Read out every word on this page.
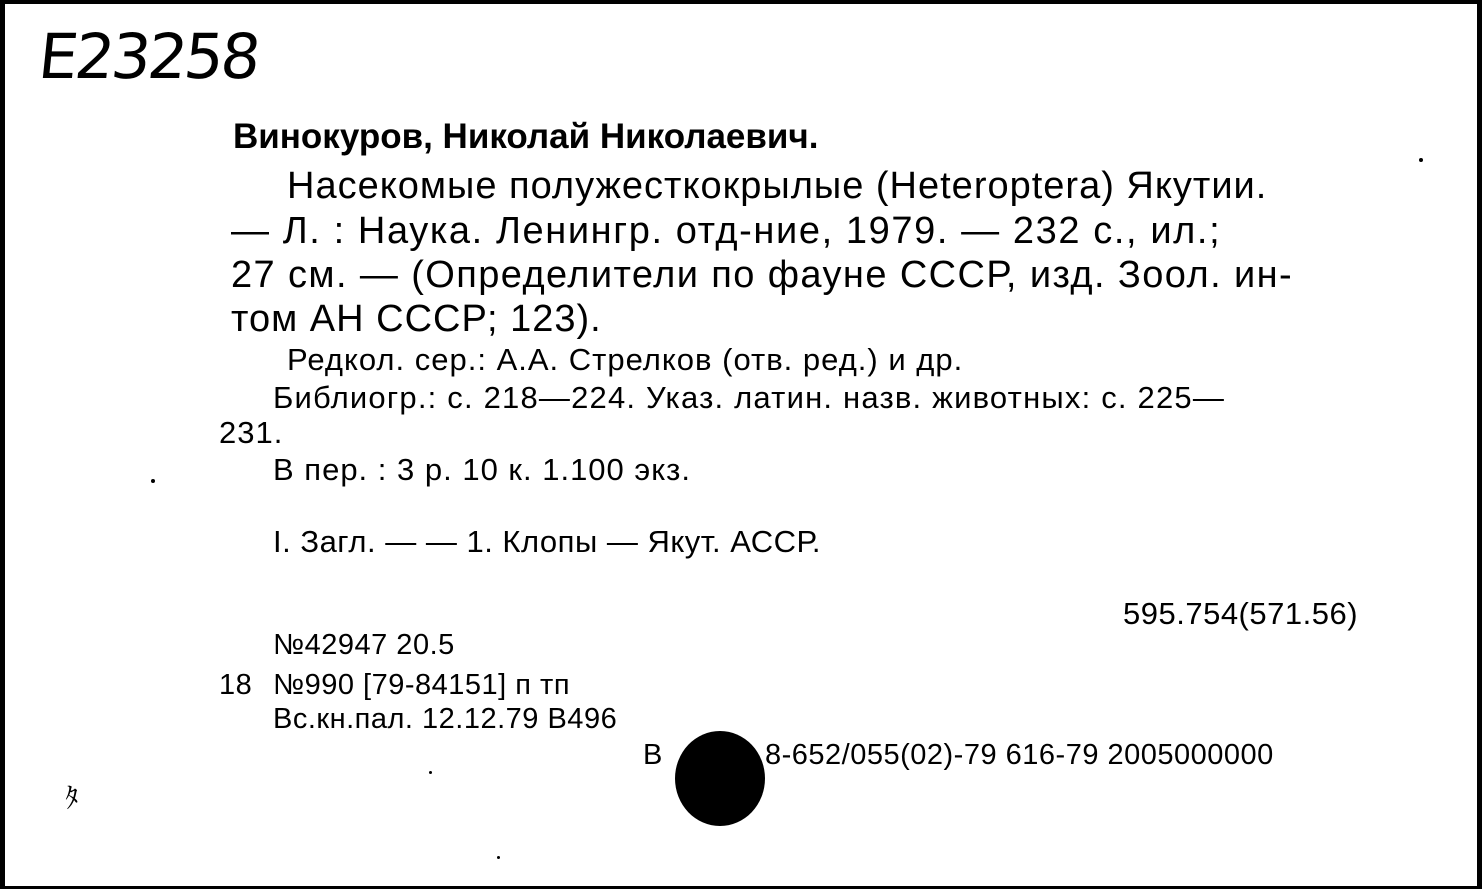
E23258
Винокуров, Николай Николаевич.
Насекомые полужесткокрылые (Heteroptera) Якутии.
— Л. : Наука. Ленингр. отд-ние, 1979. — 232 с., ил.;
27 см. — (Определители по фауне СССР, изд. Зоол. ин-
том АН СССР; 123).
Редкол. сер.: А.А. Стрелков (отв. ред.) и др.
Библиогр.: с. 218—224. Указ. латин. назв. животных: с. 225—
231.
В пер. : 3 р. 10 к. 1.100 экз.
I. Загл. — — 1. Клопы — Якут. АССР.
595.754(571.56)
№42947 20.5
18 №990 [79-84151] п тп
Вс.кн.пал. 12.12.79 В496
В	8-652/055(02)-79 616-79 2005000000
ﾀ
